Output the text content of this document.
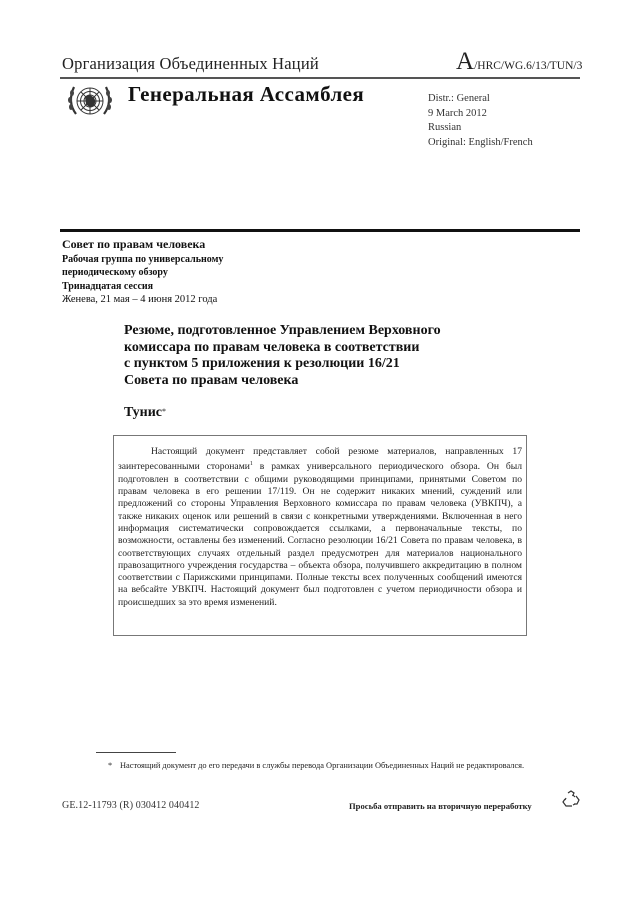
Организация Объединенных Наций	A/HRC/WG.6/13/TUN/3
Генеральная Ассамблея	Distr.: General
9 March 2012
Russian
Original: English/French
Совет по правам человека
Рабочая группа по универсальному
периодическому обзору
Тринадцатая сессия
Женева, 21 мая – 4 июня 2012 года
Резюме, подготовленное Управлением Верховного
комиссара по правам человека в соответствии
с пунктом 5 приложения к резолюции 16/21
Совета по правам человека
Тунис*

Настоящий документ представляет собой резюме материалов, направленных 17 заинтересованными сторонами$^1$ в рамках универсального периодического обзора. Он был подготовлен в соответствии с общими руководящими принципами, принятыми Советом по правам человека в его решении 17/119. Он не содержит никаких мнений, суждений или предложений со стороны Управления Верховного комиссара по правам человека (УВКПЧ), а также никаких оценок или решений в связи с конкретными утверждениями. Включенная в него информация систематически сопровождается ссылками, а первоначальные тексты, по возможности, оставлены без изменений. Согласно резолюции 16/21 Совета по правам человека, в соответствующих случаях отдельный раздел предусмотрен для материалов национального правозащитного учреждения государства – объекта обзора, получившего аккредитацию в полном соответствии с Парижскими принципами. Полные тексты всех полученных сообщений имеются на вебсайте УВКПЧ. Настоящий документ был подготовлен с учетом периодичности обзора и происшедших за это время изменений.

* Настоящий документ до его передачи в службы перевода Организации Объединенных Наций не редактировался.
GE.12-11793 (R) 030412 040412	Просьба отправить на вторичную переработку
